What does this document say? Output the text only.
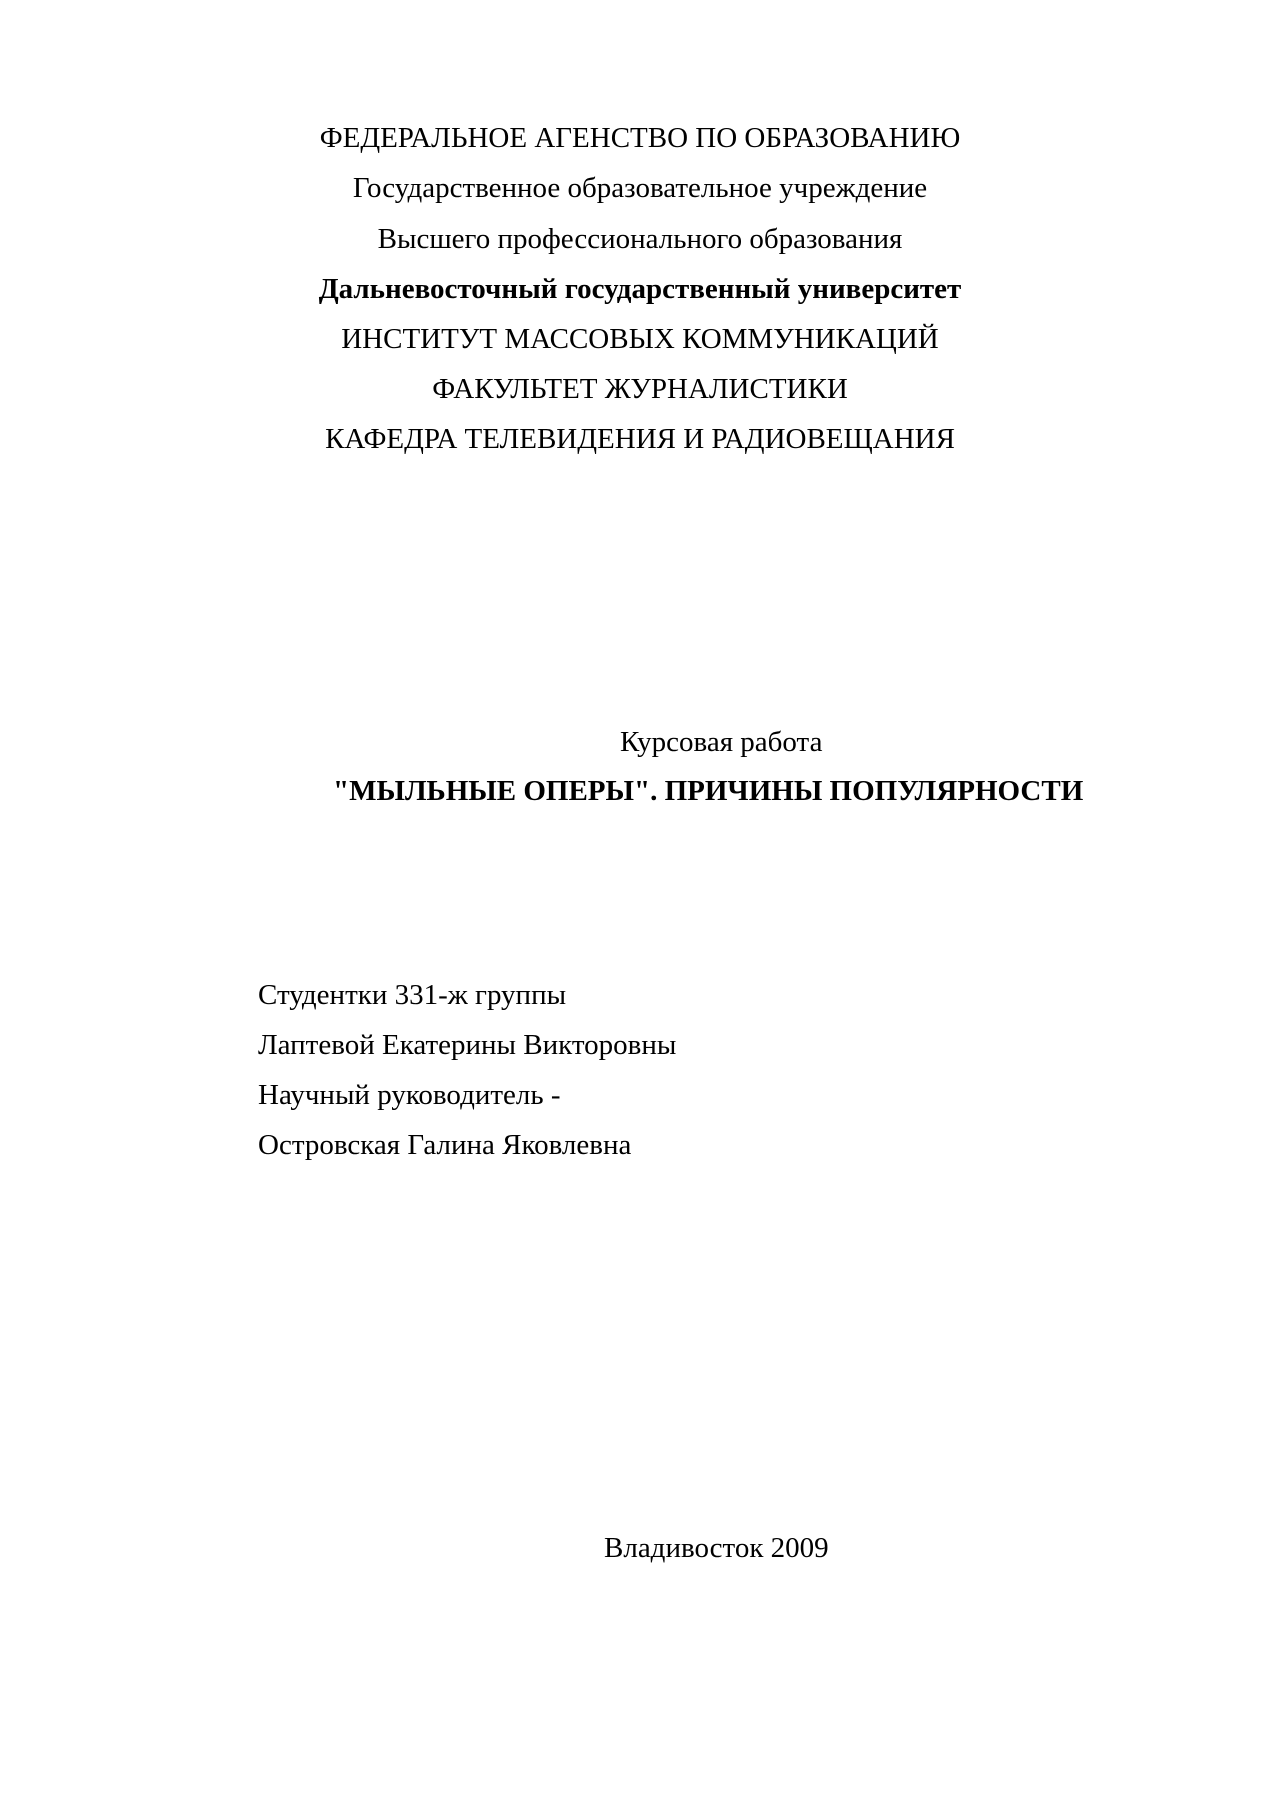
ФЕДЕРАЛЬНОЕ АГЕНСТВО ПО ОБРАЗОВАНИЮ
Государственное образовательное учреждение
Высшего профессионального образования
Дальневосточный государственный университет
ИНСТИТУТ МАССОВЫХ КОММУНИКАЦИЙ
ФАКУЛЬТЕТ ЖУРНАЛИСТИКИ
КАФЕДРА ТЕЛЕВИДЕНИЯ И РАДИОВЕЩАНИЯ
Курсовая работа
"МЫЛЬНЫЕ ОПЕРЫ". ПРИЧИНЫ ПОПУЛЯРНОСТИ
Студентки 331-ж группы
Лаптевой Екатерины Викторовны
Научный руководитель -
Островская Галина Яковлевна
Владивосток 2009
